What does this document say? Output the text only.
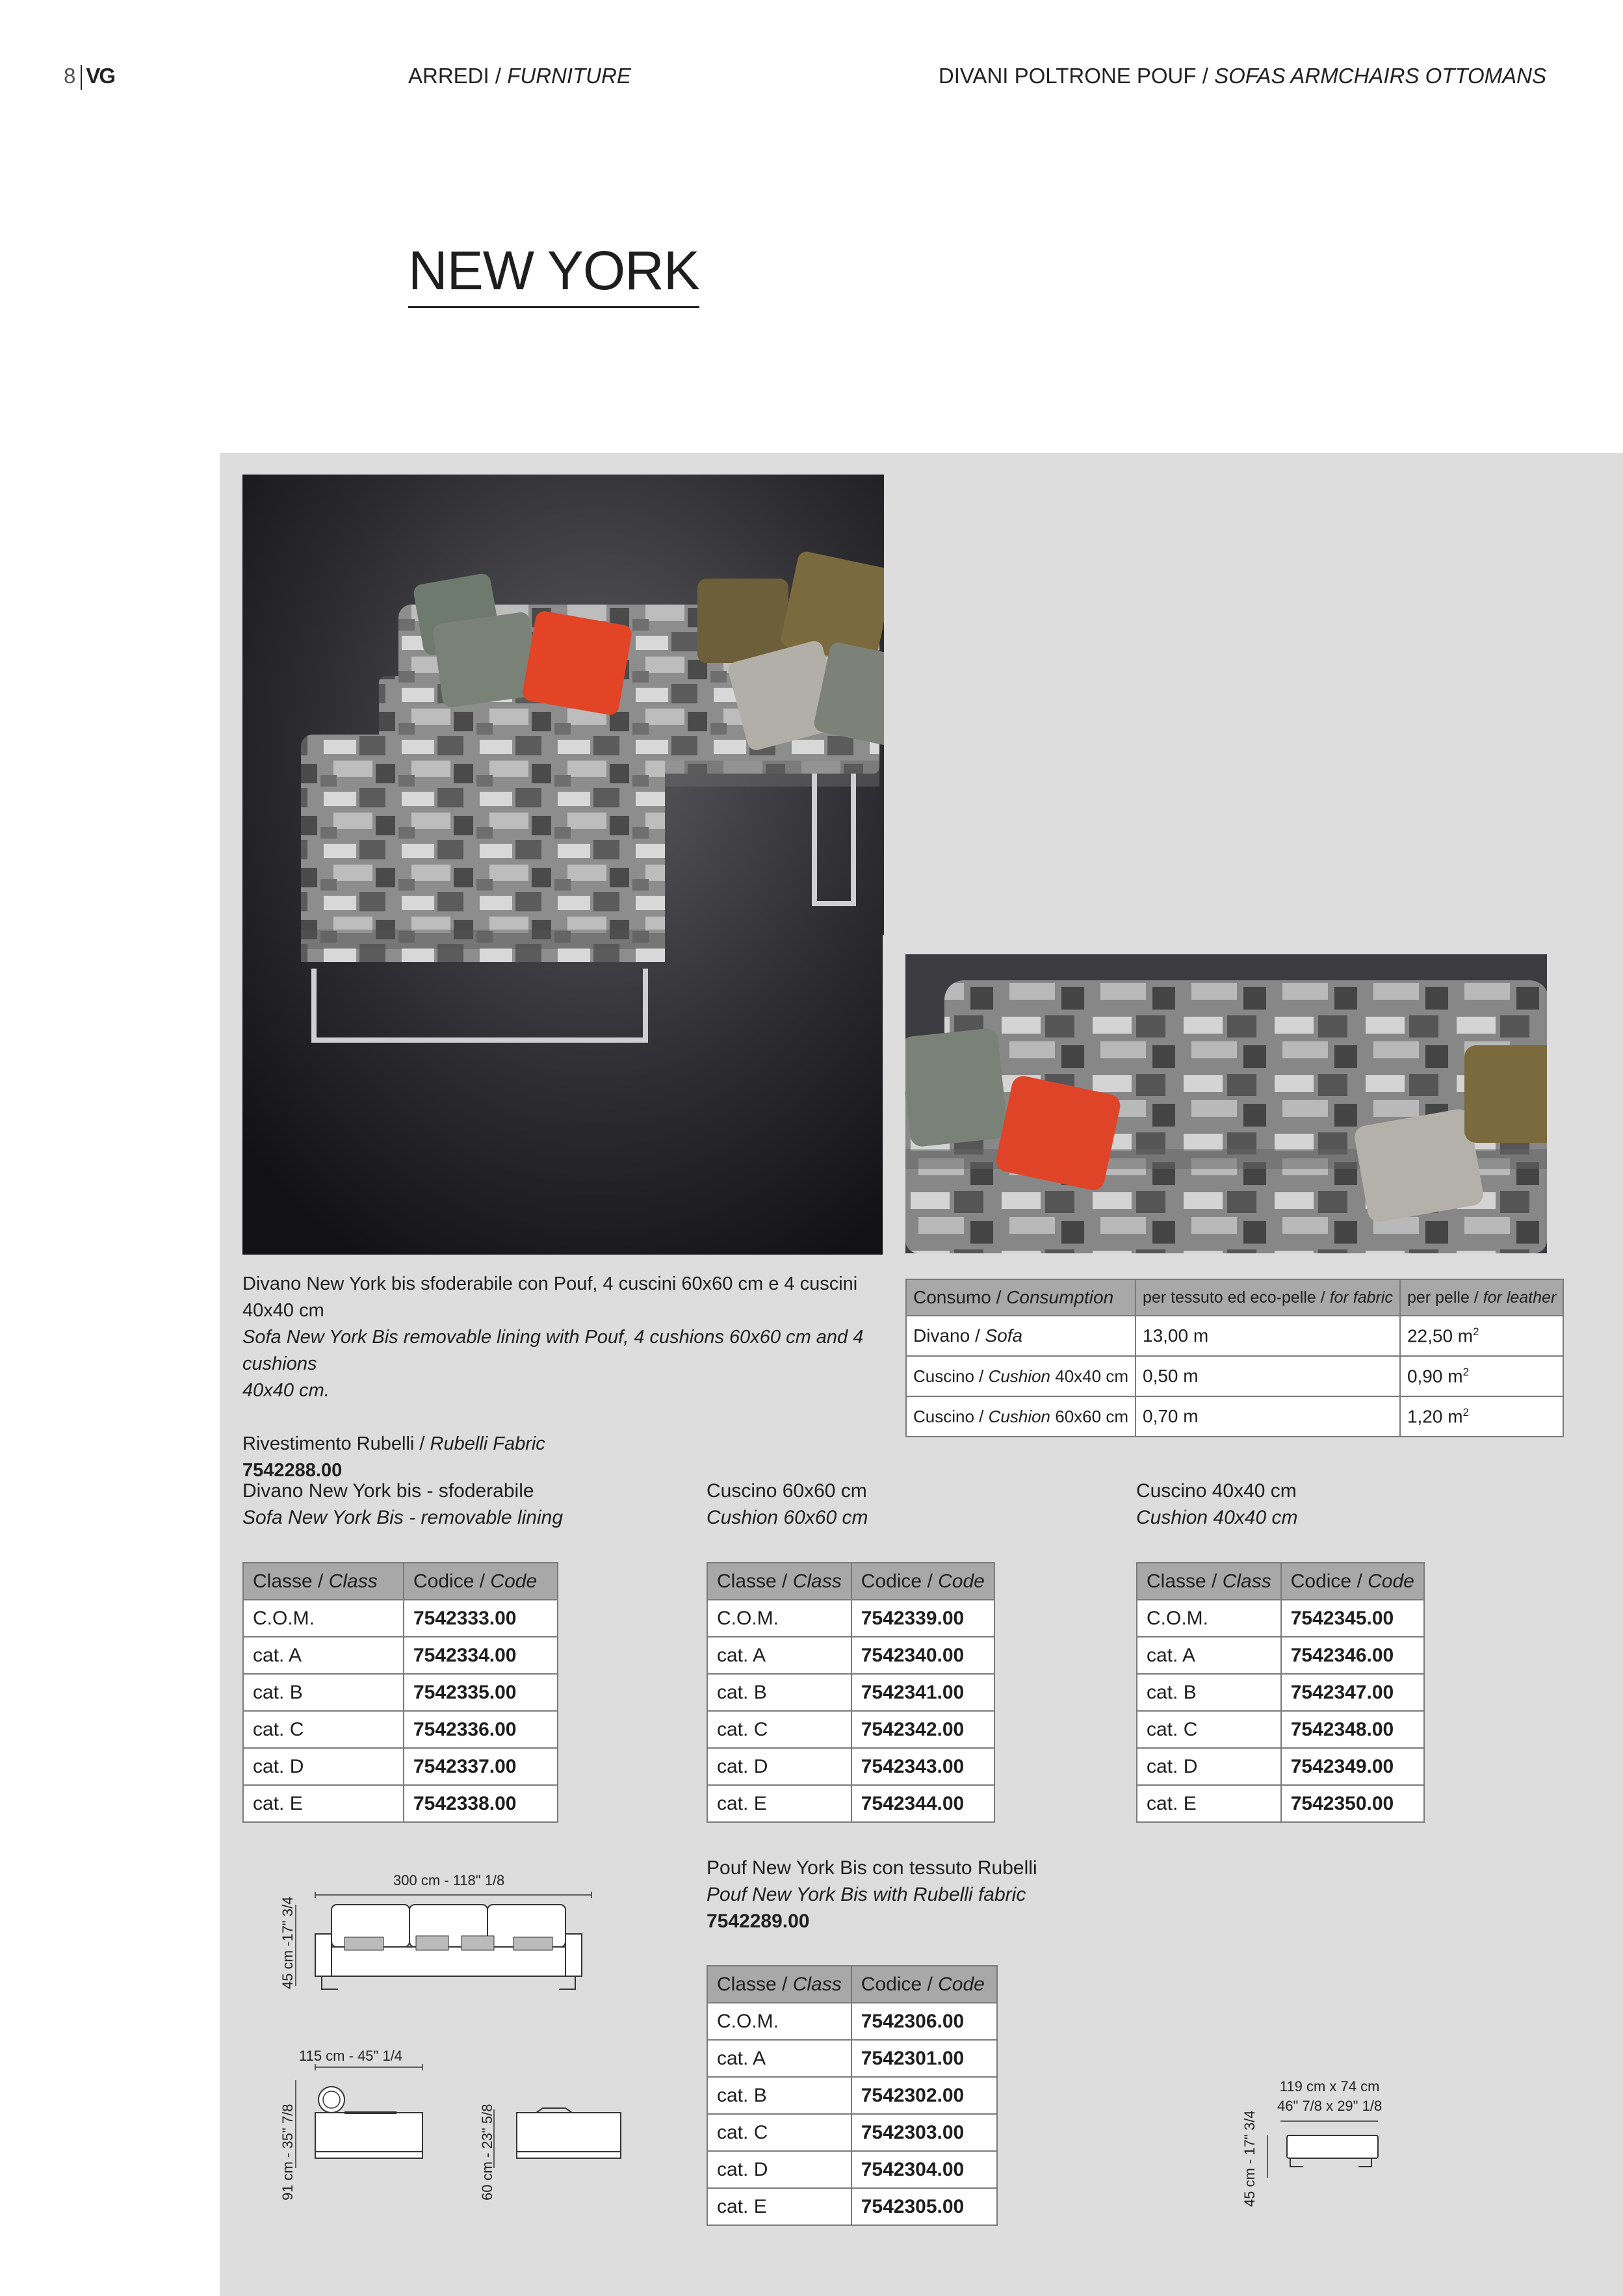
8 VG	ARREDI / FURNITURE	DIVANI POLTRONE POUF / SOFAS ARMCHAIRS OTTOMANS
NEW YORK
Divano New York bis sfoderabile con Pouf, 4 cuscini 60x60 cm e 4 cuscini 40x40 cm
Sofa New York Bis removable lining with Pouf, 4 cushions 60x60 cm and 4 cushions
40x40 cm.
Rivestimento Rubelli / Rubelli Fabric
7542288.00
Consumo / Consumption	per tessuto ed eco-pelle / for fabric	per pelle / for leather
Divano / Sofa	13,00 m	22,50 $m^2$
Cuscino / Cushion 40x40 cm	0,50 m	0,90 $m^2$
Cuscino / Cushion 60x60 cm	0,70 m	1,20 $m^2$
Divano New York bis - sfoderabile
Sofa New York Bis - removable lining
Classe / Class	Codice / Code
C.O.M.	7542333.00
cat. A	7542334.00
cat. B	7542335.00
cat. C	7542336.00
cat. D	7542337.00
cat. E	7542338.00
Cuscino 60x60 cm
Cushion 60x60 cm
Classe / Class	Codice / Code
C.O.M.	7542339.00
cat. A	7542340.00
cat. B	7542341.00
cat. C	7542342.00
cat. D	7542343.00
cat. E	7542344.00
Cuscino 40x40 cm
Cushion 40x40 cm
Classe / Class	Codice / Code
C.O.M.	7542345.00
cat. A	7542346.00
cat. B	7542347.00
cat. C	7542348.00
cat. D	7542349.00
cat. E	7542350.00
Pouf New York Bis con tessuto Rubelli
Pouf New York Bis with Rubelli fabric
7542289.00
Classe / Class	Codice / Code
C.O.M.	7542306.00
cat. A	7542301.00
cat. B	7542302.00
cat. C	7542303.00
cat. D	7542304.00
cat. E	7542305.00
300 cm - 118" 1/8
45 cm -17" 3/4
115 cm - 45" 1/4
91 cm - 35" 7/8	60 cm - 23" 5/8
119 cm x 74 cm
46" 7/8 x 29" 1/8
45 cm - 17" 3/4
